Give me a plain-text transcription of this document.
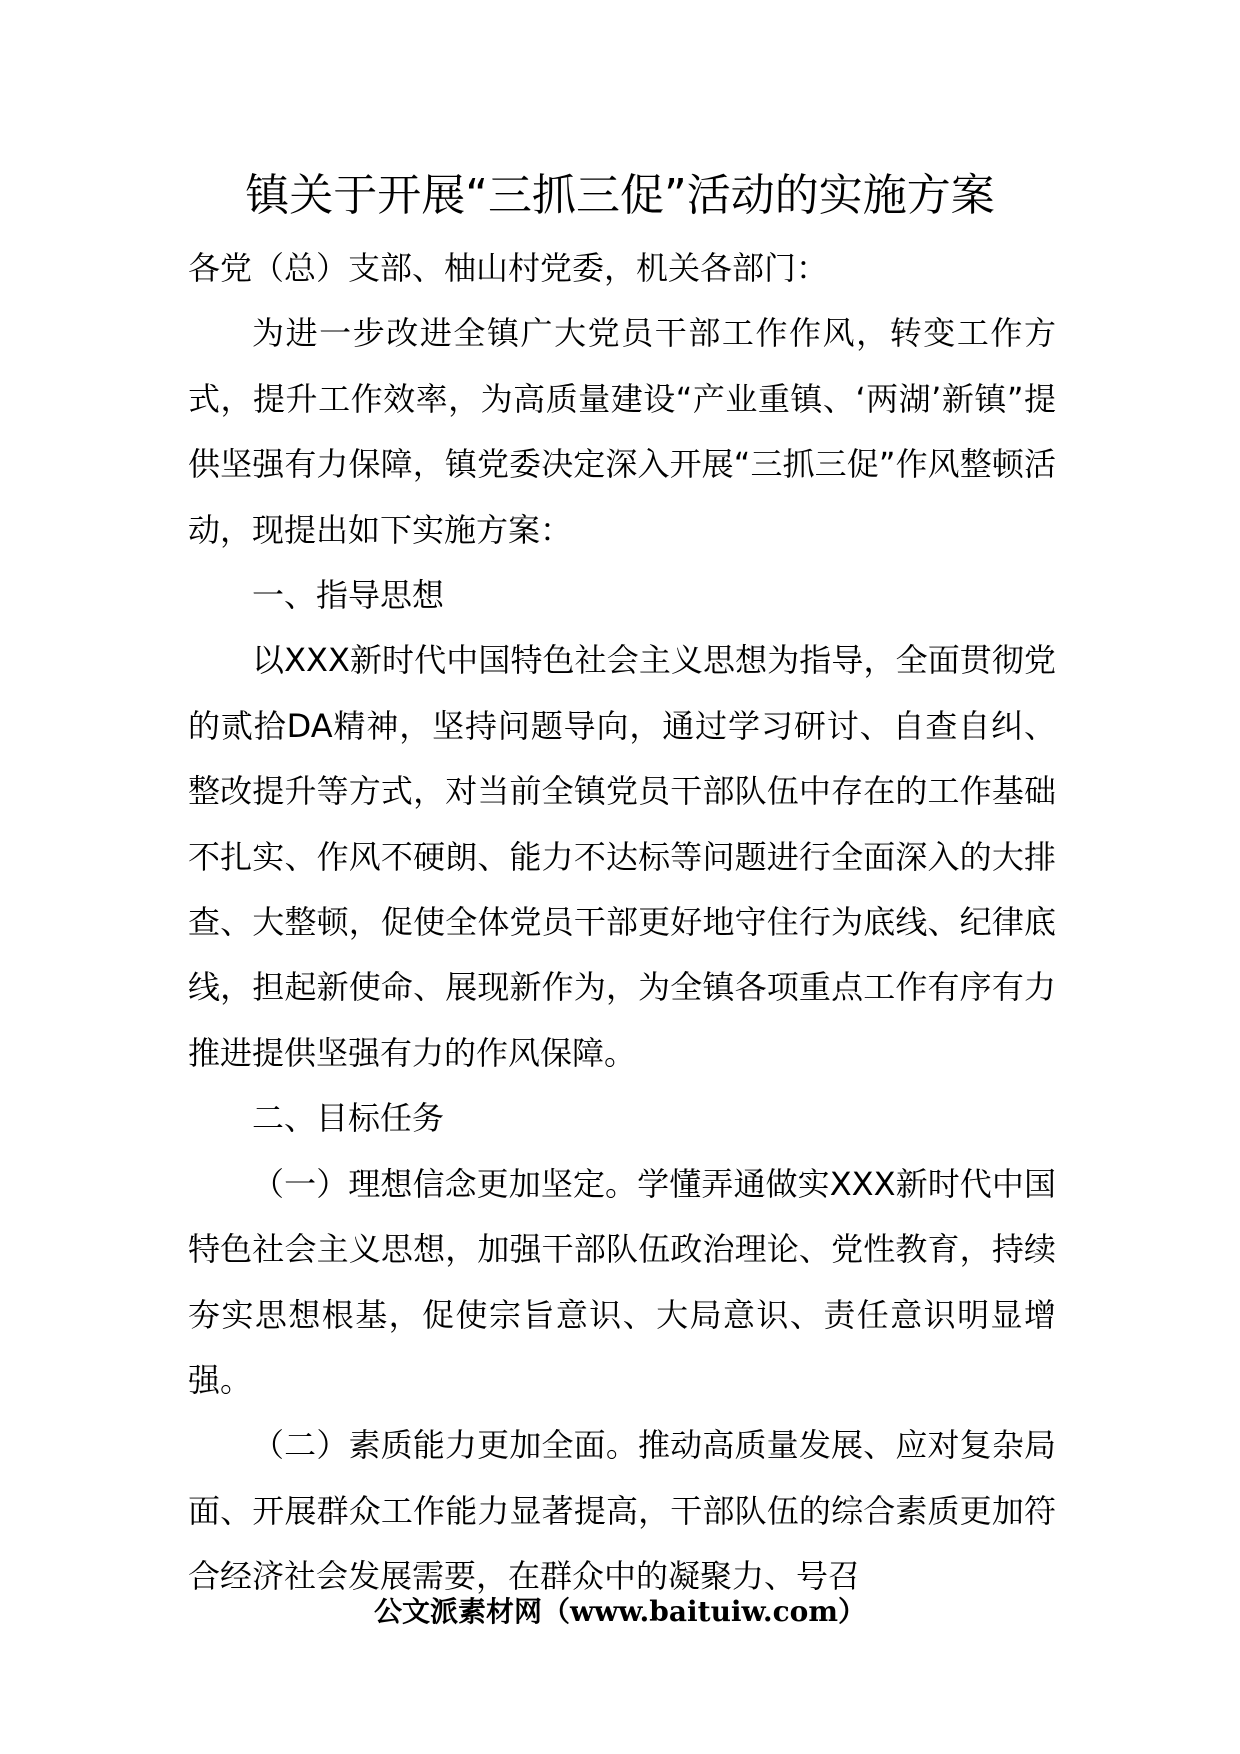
镇关于开展“三抓三促”活动的实施方案

各党（总）支部、柚山村党委，机关各部门：

为进一步改进全镇广大党员干部工作作风，转变工作方式，提升工作效率，为高质量建设“产业重镇、‘两湖’新镇”提供坚强有力保障，镇党委决定深入开展“三抓三促”作风整顿活动，现提出如下实施方案：

一、指导思想

以XXX新时代中国特色社会主义思想为指导，全面贯彻党的贰拾DA精神，坚持问题导向，通过学习研讨、自查自纠、整改提升等方式，对当前全镇党员干部队伍中存在的工作基础不扎实、作风不硬朗、能力不达标等问题进行全面深入的大排查、大整顿，促使全体党员干部更好地守住行为底线、纪律底线，担起新使命、展现新作为，为全镇各项重点工作有序有力推进提供坚强有力的作风保障。

二、目标任务

（一）理想信念更加坚定。学懂弄通做实XXX新时代中国特色社会主义思想，加强干部队伍政治理论、党性教育，持续夯实思想根基，促使宗旨意识、大局意识、责任意识明显增强。

（二）素质能力更加全面。推动高质量发展、应对复杂局面、开展群众工作能力显著提高，干部队伍的综合素质更加符合经济社会发展需要，在群众中的凝聚力、号召

公文派素材网（www.baituiw.com）
